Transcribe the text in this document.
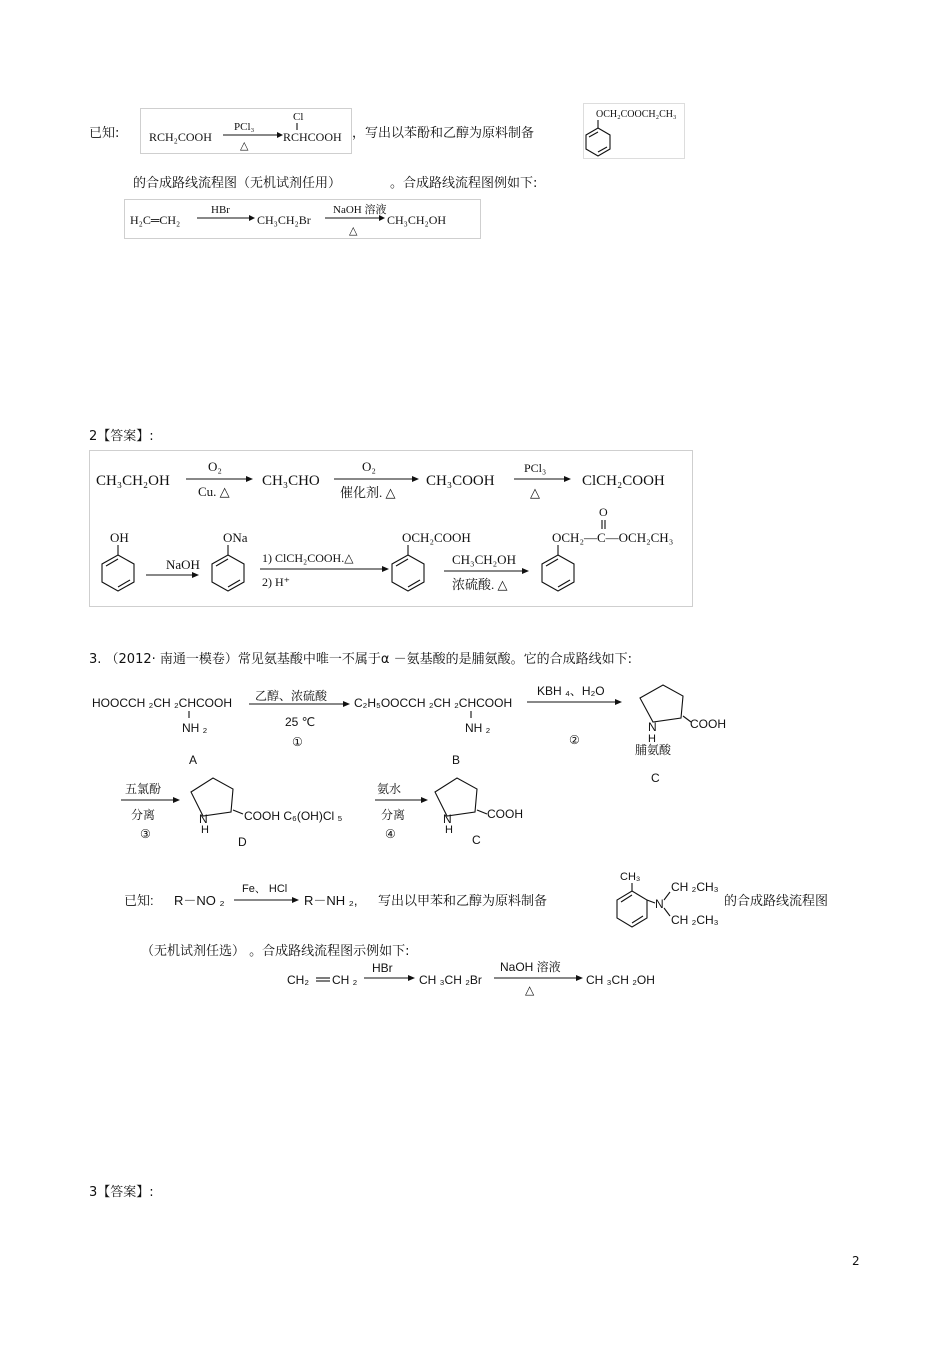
已知: RCH₂COOH
PCl₃
△
Cl
RCHCOOH ，写出以苯酚和乙醇为原料制备
OCH₂COOCH₂CH₃
的合成路线流程图（无机试剂任用）	。合成路线流程图例如下:
H₂C═CH₂
HBr
CH₃CH₂Br
NaOH 溶液
△
CH₃CH₂OH
2【答案】:
CH₃CH₂OH
O₂
Cu. △
CH₃CHO
O₂
催化剂. △
CH₃COOH
PCl₃
△
ClCH₂COOH
OH
NaOH
ONa
1) ClCH₂COOH.△
2) H⁺
OCH₂COOH
CH₃CH₂OH
浓硫酸. △
O
OCH₂—C—OCH₂CH₃
3. （2012· 南通一模卷）常见氨基酸中唯一不属于α －氨基酸的是脯氨酸。它的合成路线如下:
HOOCCH ₂CH ₂CHCOOH
NH ₂
A
乙醇、浓硫酸
25 ℃
①
C₂H₅OOCCH ₂CH ₂CHCOOH
NH ₂
B
KBH ₄、H₂O
②
N
H
COOH
脯氨酸
C
五氯酚
分离
③
N
H
COOH C₆(OH)Cl ₅
D
氨水
分离
④
N
H
COOH
C
已知: R－NO ₂
Fe、 HCl
R－NH ₂, 写出以甲苯和乙醇为原料制备
CH₃
N
CH ₂CH₃
CH ₂CH₃
的合成路线流程图
（无机试剂任选） 。合成路线流程图示例如下:
CH₂ CH ₂
HBr
CH ₃CH ₂Br
NaOH 溶液
△
CH ₃CH ₂OH
3【答案】:
2
